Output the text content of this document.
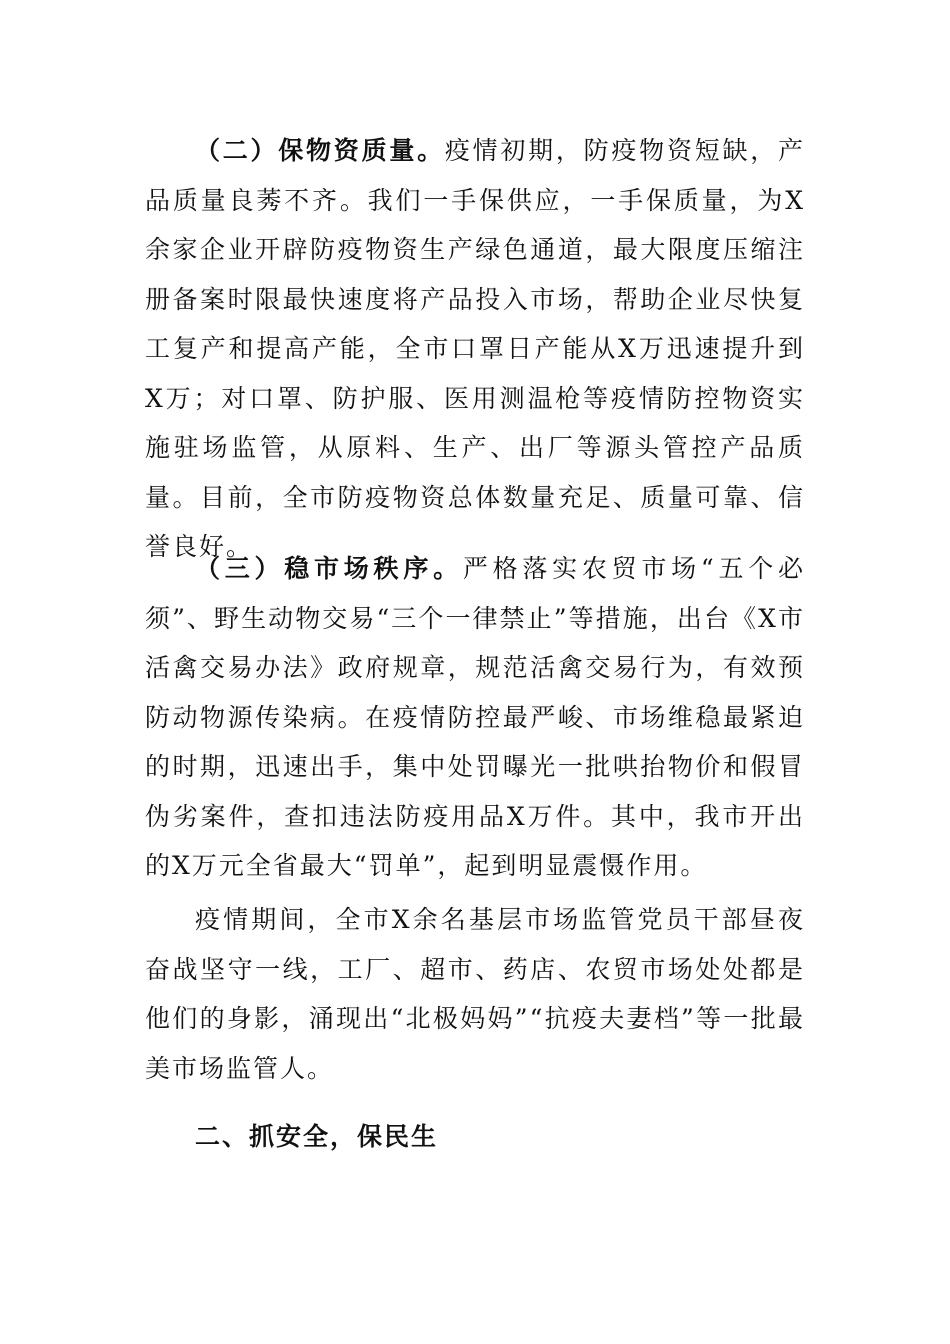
（二）保物资质量。疫情初期，防疫物资短缺，产品质量良莠不齐。我们一手保供应，一手保质量，为X余家企业开辟防疫物资生产绿色通道，最大限度压缩注册备案时限最快速度将产品投入市场，帮助企业尽快复工复产和提高产能，全市口罩日产能从X万迅速提升到X万；对口罩、防护服、医用测温枪等疫情防控物资实施驻场监管，从原料、生产、出厂等源头管控产品质量。目前，全市防疫物资总体数量充足、质量可靠、信誉良好。

（三）稳市场秩序。严格落实农贸市场“五个必须”、野生动物交易“三个一律禁止”等措施，出台《X市活禽交易办法》政府规章，规范活禽交易行为，有效预防动物源传染病。在疫情防控最严峻、市场维稳最紧迫的时期，迅速出手，集中处罚曝光一批哄抬物价和假冒伪劣案件，查扣违法防疫用品X万件。其中，我市开出的X万元全省最大“罚单”，起到明显震慑作用。

疫情期间，全市X余名基层市场监管党员干部昼夜奋战坚守一线，工厂、超市、药店、农贸市场处处都是他们的身影，涌现出“北极妈妈”“抗疫夫妻档”等一批最美市场监管人。

二、抓安全，保民生
